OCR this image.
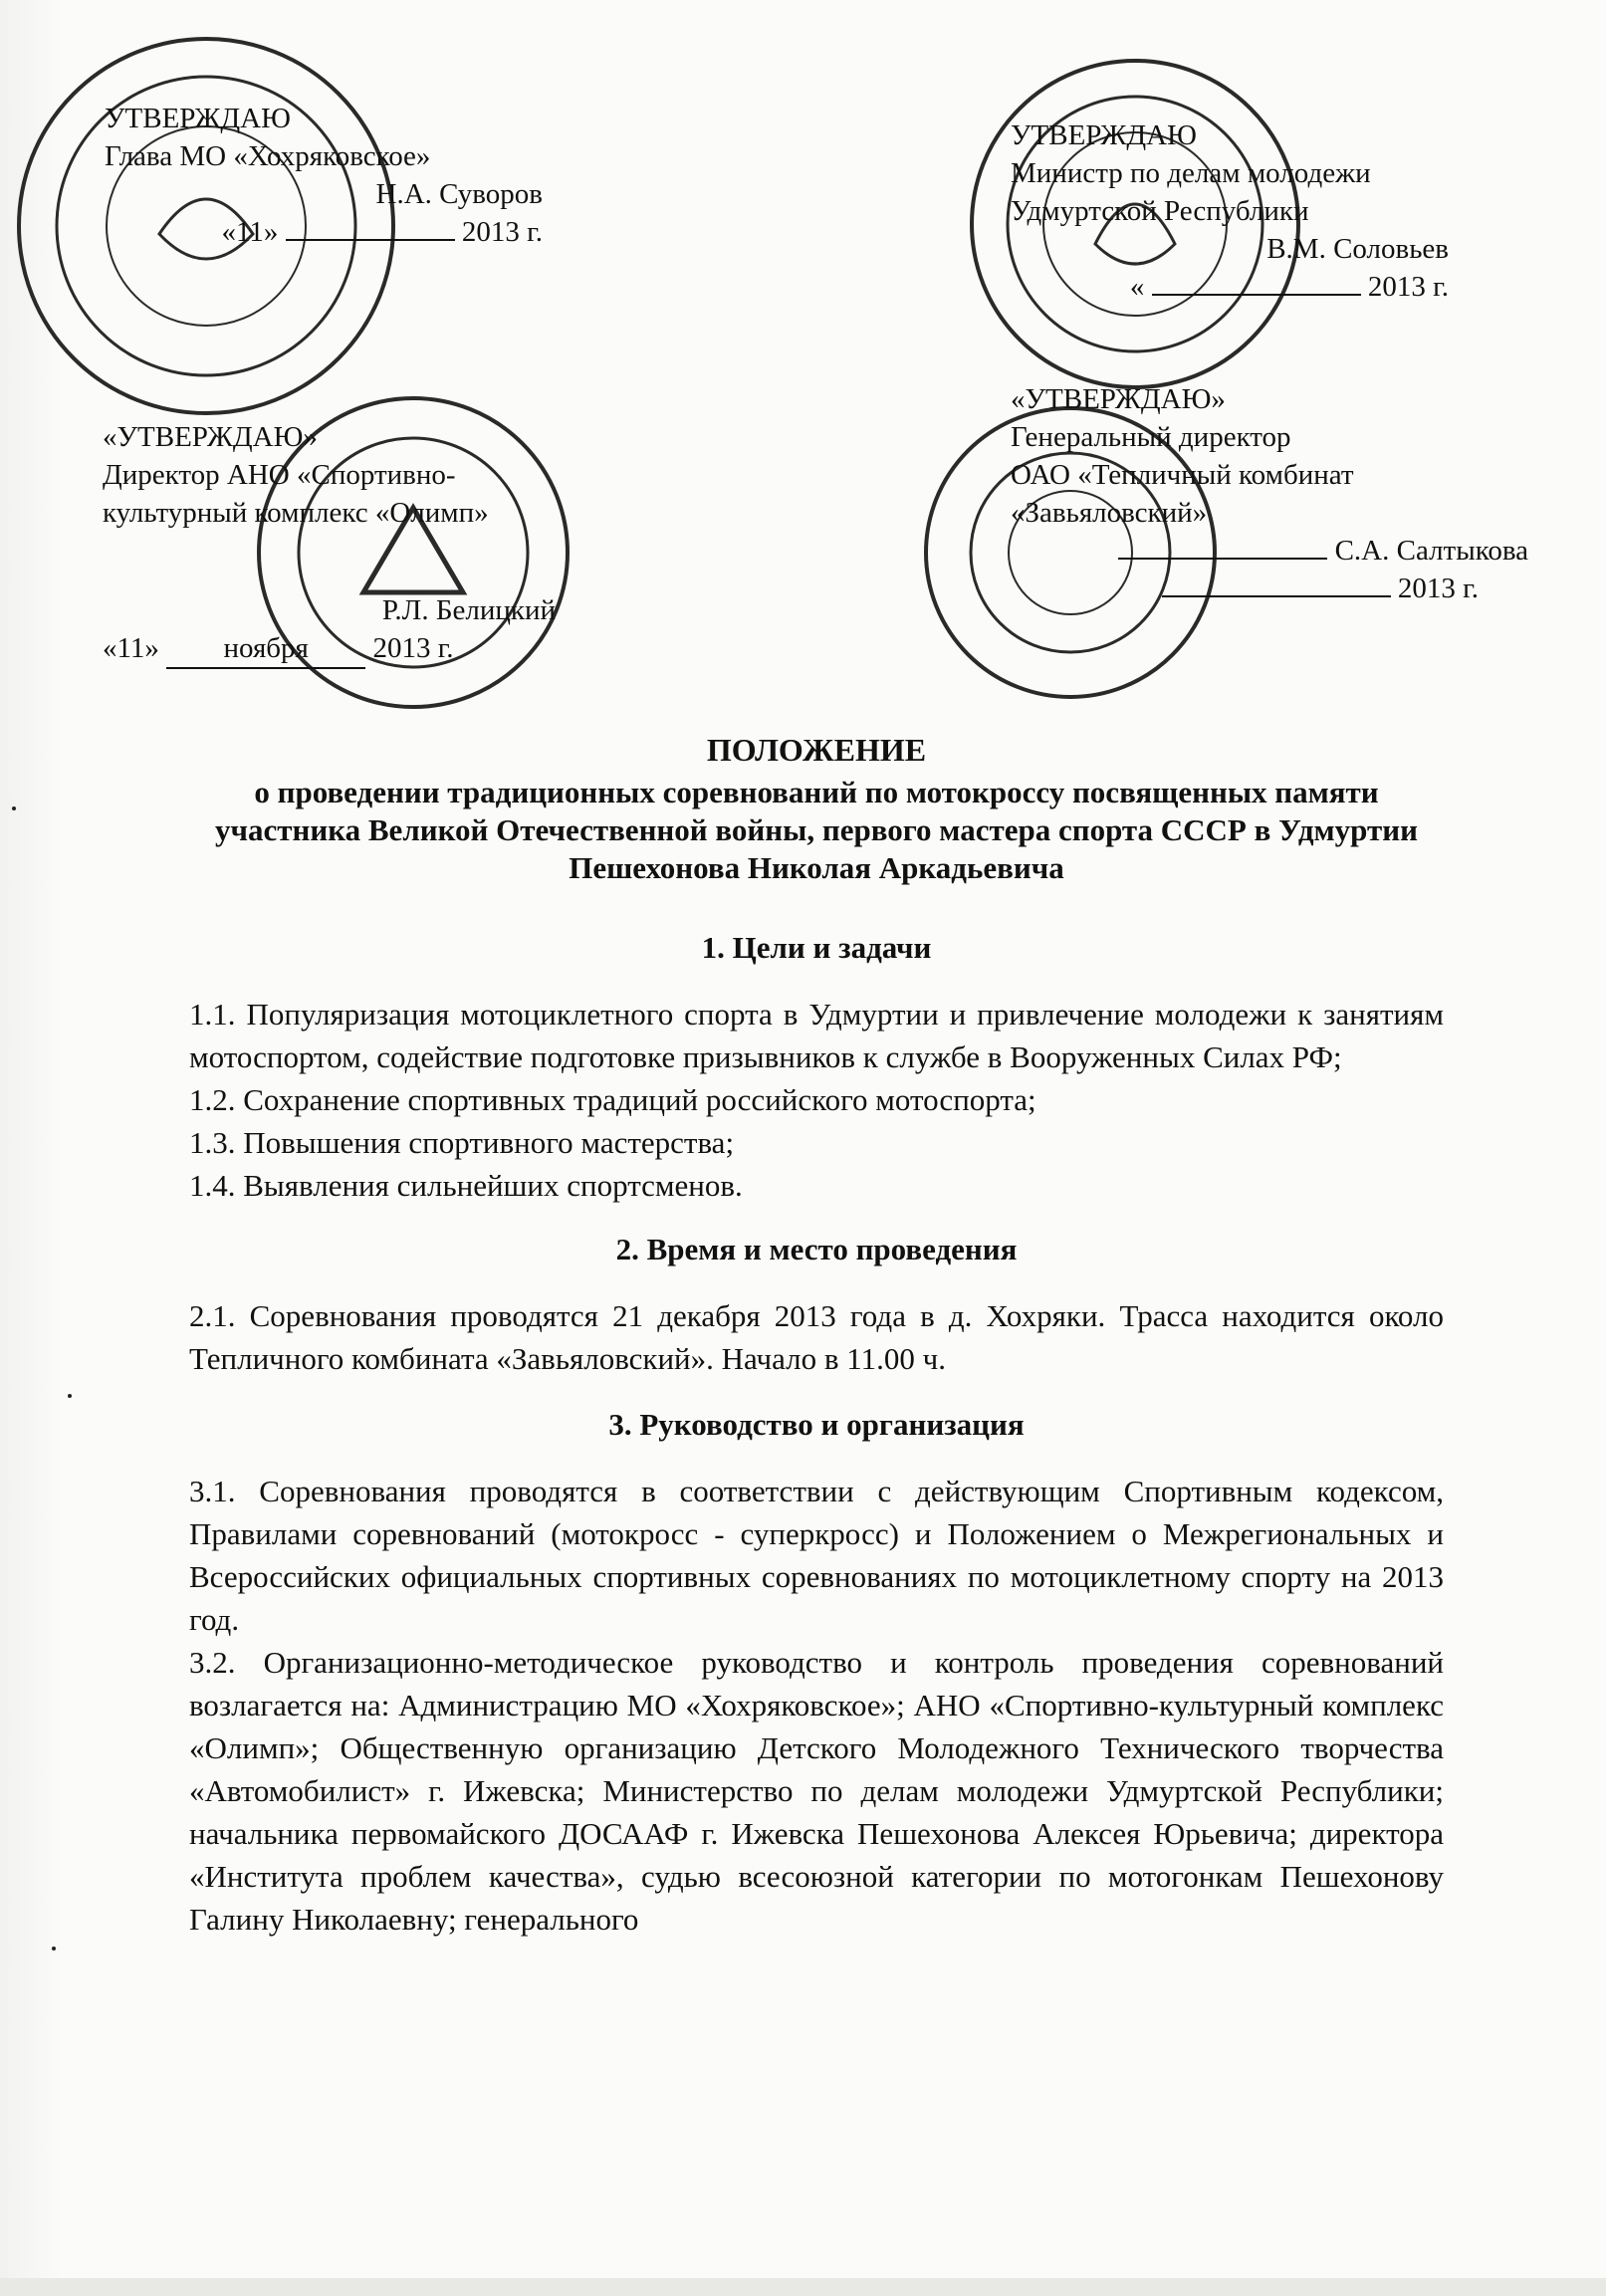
УТВЕРЖДАЮ
Глава МО «Хохряковское»
Н.А. Суворов
«11»	2013 г.
УТВЕРЖДАЮ
Министр по делам молодежи
Удмуртской Республики
В.М. Соловьев
«	2013 г.
«УТВЕРЖДАЮ»
Директор АНО «Спортивно-
культурный комплекс «Олимп»
Р.Л. Белицкий
«11» ноября 2013 г.
«УТВЕРЖДАЮ»
Генеральный директор
ОАО «Тепличный комбинат
«Завьяловский»
С.А. Салтыкова
2013 г.
ПОЛОЖЕНИЕ

о проведении традиционных соревнований по мотокроссу посвященных памяти участника Великой Отечественной войны, первого мастера спорта СССР в Удмуртии Пешехонова Николая Аркадьевича

1. Цели и задачи

1.1. Популяризация мотоциклетного спорта в Удмуртии и привлечение молодежи к занятиям мотоспортом, содействие подготовке призывников к службе в Вооруженных Силах РФ;

1.2. Сохранение спортивных традиций российского мотоспорта;

1.3. Повышения спортивного мастерства;

1.4. Выявления сильнейших спортсменов.

2. Время и место проведения

2.1. Соревнования проводятся 21 декабря 2013 года в д. Хохряки. Трасса находится около Тепличного комбината «Завьяловский». Начало в 11.00 ч.

3. Руководство и организация

3.1. Соревнования проводятся в соответствии с действующим Спортивным кодексом, Правилами соревнований (мотокросс - суперкросс) и Положением о Межрегиональных и Всероссийских официальных спортивных соревнованиях по мотоциклетному спорту на 2013 год.

3.2. Организационно-методическое руководство и контроль проведения соревнований возлагается на: Администрацию МО «Хохряковское»; АНО «Спортивно-культурный комплекс «Олимп»; Общественную организацию Детского Молодежного Технического творчества «Автомобилист» г. Ижевска; Министерство по делам молодежи Удмуртской Республики; начальника первомайского ДОСААФ г. Ижевска Пешехонова Алексея Юрьевича; директора «Института проблем качества», судью всесоюзной категории по мотогонкам Пешехонову Галину Николаевну; генерального
